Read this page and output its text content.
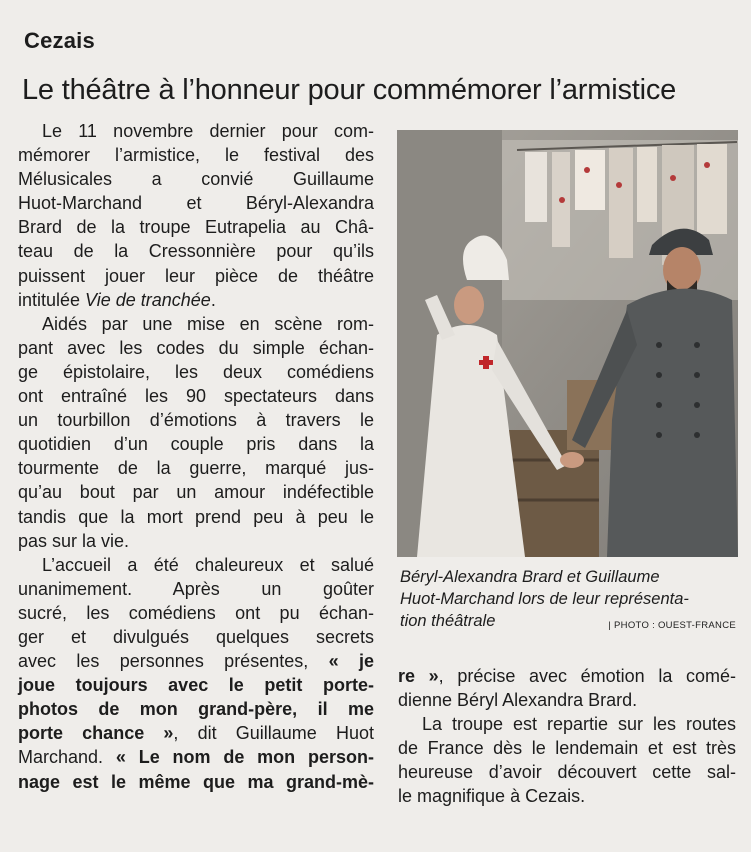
Cezais
Le théâtre à l’honneur pour commémorer l’armistice
Le 11 novembre dernier pour com-
mémorer l’armistice, le festival des
Mélusicales a convié Guillaume
Huot-Marchand et Béryl-Alexandra
Brard de la troupe Eutrapelia au Châ-
teau de la Cressonnière pour qu’ils
puissent jouer leur pièce de théâtre
intitulée Vie de tranchée.
Aidés par une mise en scène rom-
pant avec les codes du simple échan-
ge épistolaire, les deux comédiens
ont entraîné les 90 spectateurs dans
un tourbillon d’émotions à travers le
quotidien d’un couple pris dans la
tourmente de la guerre, marqué jus-
qu’au bout par un amour indéfectible
tandis que la mort prend peu à peu le
pas sur la vie.
L’accueil a été chaleureux et salué
unanimement. Après un goûter
sucré, les comédiens ont pu échan-
ger et divulgués quelques secrets
avec les personnes présentes, « je
joue toujours avec le petit porte-
photos de mon grand-père, il me
porte chance », dit Guillaume Huot
Marchand. « Le nom de mon person-
nage est le même que ma grand-mè-
Béryl-Alexandra Brard et Guillaume
Huot-Marchand lors de leur représenta-
tion théâtrale	| PHOTO : OUEST-FRANCE
re », précise avec émotion la comé-
dienne Béryl Alexandra Brard.
La troupe est repartie sur les routes
de France dès le lendemain et est très
heureuse d’avoir découvert cette sal-
le magnifique à Cezais.
